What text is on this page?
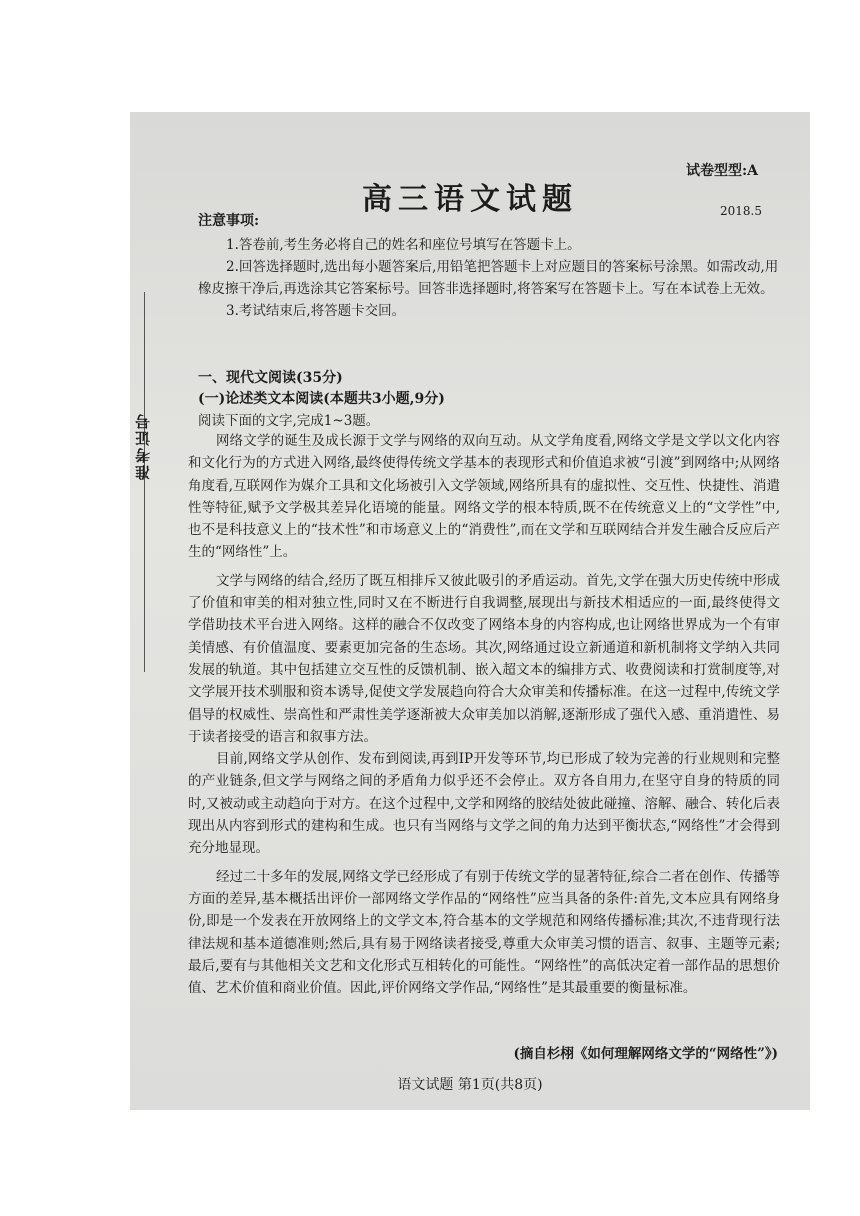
准考证号
试卷型型:A
高三语文试题	2018.5
注意事项:

1.答卷前,考生务必将自己的姓名和座位号填写在答题卡上。

2.回答选择题时,选出每小题答案后,用铅笔把答题卡上对应题目的答案标号涂黑。如需改动,用橡皮擦干净后,再选涂其它答案标号。回答非选择题时,将答案写在答题卡上。写在本试卷上无效。

3.考试结束后,将答题卡交回。

一、现代文阅读(35分)
(一)论述类文本阅读(本题共3小题,9分)
阅读下面的文字,完成1~3题。

网络文学的诞生及成长源于文学与网络的双向互动。从文学角度看,网络文学是文学以文化内容和文化行为的方式进入网络,最终使得传统文学基本的表现形式和价值追求被“引渡”到网络中;从网络角度看,互联网作为媒介工具和文化场被引入文学领域,网络所具有的虚拟性、交互性、快捷性、消遣性等特征,赋予文学极其差异化语境的能量。网络文学的根本特质,既不在传统意义上的“文学性”中,也不是科技意义上的“技术性”和市场意义上的“消费性”,而在文学和互联网结合并发生融合反应后产生的“网络性”上。

文学与网络的结合,经历了既互相排斥又彼此吸引的矛盾运动。首先,文学在强大历史传统中形成了价值和审美的相对独立性,同时又在不断进行自我调整,展现出与新技术相适应的一面,最终使得文学借助技术平台进入网络。这样的融合不仅改变了网络本身的内容构成,也让网络世界成为一个有审美情感、有价值温度、要素更加完备的生态场。其次,网络通过设立新通道和新机制将文学纳入共同发展的轨道。其中包括建立交互性的反馈机制、嵌入超文本的编排方式、收费阅读和打赏制度等,对文学展开技术驯服和资本诱导,促使文学发展趋向符合大众审美和传播标准。在这一过程中,传统文学倡导的权威性、崇高性和严肃性美学逐渐被大众审美加以消解,逐渐形成了强代入感、重消遣性、易于读者接受的语言和叙事方法。

目前,网络文学从创作、发布到阅读,再到IP开发等环节,均已形成了较为完善的行业规则和完整的产业链条,但文学与网络之间的矛盾角力似乎还不会停止。双方各自用力,在坚守自身的特质的同时,又被动或主动趋向于对方。在这个过程中,文学和网络的胶结处彼此碰撞、溶解、融合、转化后表现出从内容到形式的建构和生成。也只有当网络与文学之间的角力达到平衡状态,“网络性”才会得到充分地显现。

经过二十多年的发展,网络文学已经形成了有别于传统文学的显著特征,综合二者在创作、传播等方面的差异,基本概括出评价一部网络文学作品的“网络性”应当具备的条件:首先,文本应具有网络身份,即是一个发表在开放网络上的文学文本,符合基本的文学规范和网络传播标准;其次,不违背现行法律法规和基本道德准则;然后,具有易于网络读者接受,尊重大众审美习惯的语言、叙事、主题等元素;最后,要有与其他相关文艺和文化形式互相转化的可能性。“网络性”的高低决定着一部作品的思想价值、艺术价值和商业价值。因此,评价网络文学作品,“网络性”是其最重要的衡量标准。

(摘自杉栩《如何理解网络文学的“网络性”》)
语文试题 第1页(共8页)
